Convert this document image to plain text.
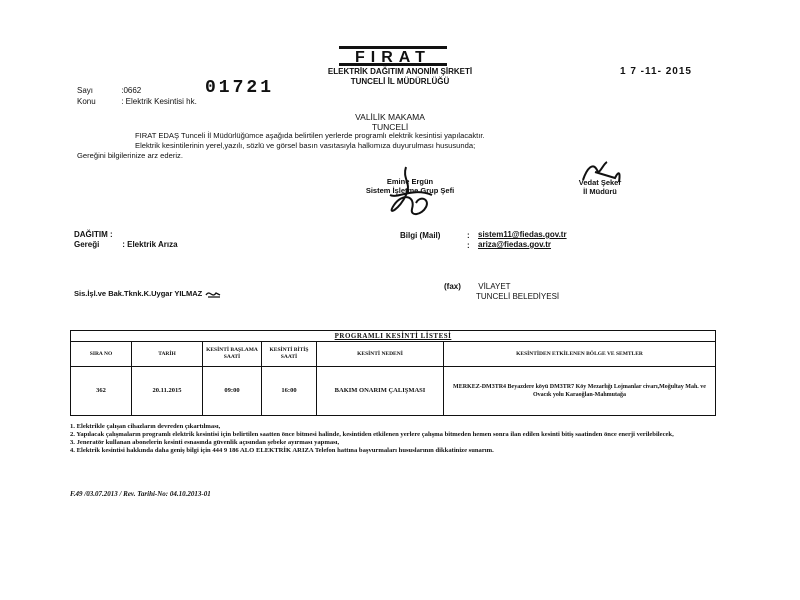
FIRAT
ELEKTRİK DAĞITIM ANONİM ŞİRKETİ
TUNCELİ İL MÜDÜRLÜĞÜ
1 7 -11- 2015
Sayı	:0662	01721
Konu	: Elektrik Kesintisi hk.
VALİLİK MAKAMA
TUNCELİ
FIRAT EDAŞ Tunceli İl Müdürlüğümce aşağıda belirtilen yerlerde programlı elektrik kesintisi yapılacaktır.
Elektrik kesintilerinin yerel,yazılı, sözlü ve görsel basın vasıtasıyla halkımıza duyurulması hususunda;
Gereğini bilgilerinize arz ederiz.
Emine Ergün
Sistem İşletme Grup Şefi
Vedat Şeker
İl Müdürü
DAĞITIM :
Gereği	: Elektrik Arıza
Bilgi (Mail)	:
:
sistem11@fiedas.gov.tr
ariza@fiedas.gov.tr
Sis.İşl.ve Bak.Tknk.K.Uygar YILMAZ
(fax) VİLAYET
TUNCELİ BELEDİYESİ
PROGRAMLI KESİNTİ LİSTESİ					
SIRA NO	TARİH	KESİNTİ BAŞLAMA SAATİ	KESİNTİ BİTİŞ SAATİ	KESİNTİ NEDENİ	KESİNTİDEN ETKİLENEN BÖLGE VE SEMTLER
362	20.11.2015	09:00	16:00	BAKIM ONARIM ÇALIŞMASI	MERKEZ-DM3TR4 Beyazdere köyü DM3TR7 Köy Mezarlığı Lojmanlar civarı,Moğultay Mah. ve Ovacık yolu Karaoğlan-Mahmutağa
1. Elektrikle çalışan cihazların devreden çıkartılması,
2. Yapılacak çalışmaların programlı elektrik kesintisi için belirtilen saatten önce bitmesi halinde, kesintiden etkilenen yerlere çalışma bitmeden hemen sonra ilan edilen kesinti bitiş saatinden önce enerji verilebilecek,
3. Jeneratör kullanan abonelerin kesinti esnasında güvenlik açısından şebeke ayırması yapması,
4. Elektrik kesintisi hakkında daha geniş bilgi için 444 9 186 ALO ELEKTRİK ARIZA Telefon hattına başvurmaları hususlarının dikkatinize sunarım.
F.49 /03.07.2013 / Rev. Tarihi-No: 04.10.2013-01
